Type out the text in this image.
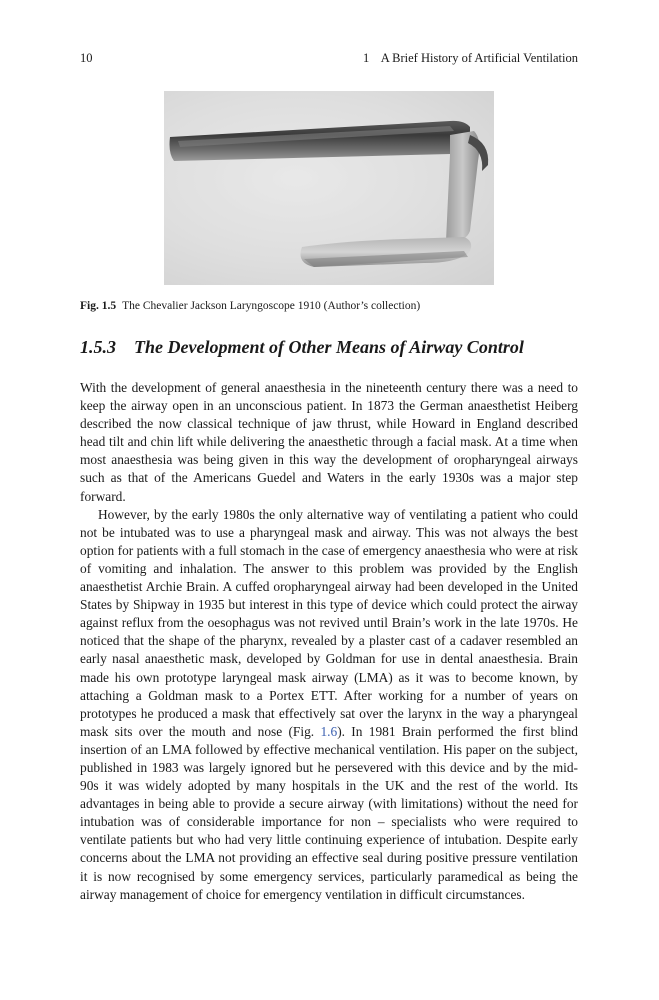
10	1 A Brief History of Artificial Ventilation
Fig. 1.5 The Chevalier Jackson Laryngoscope 1910 (Author’s collection)
1.5.3 The Development of Other Means of Airway Control

With the development of general anaesthesia in the nineteenth century there was a need to keep the airway open in an unconscious patient. In 1873 the German anaesthetist Heiberg described the now classical technique of jaw thrust, while Howard in England described head tilt and chin lift while delivering the anaesthetic through a facial mask. At a time when most anaesthesia was being given in this way the development of oropharyngeal airways such as that of the Americans Guedel and Waters in the early 1930s was a major step forward.

However, by the early 1980s the only alternative way of ventilating a patient who could not be intubated was to use a pharyngeal mask and airway. This was not always the best option for patients with a full stomach in the case of emergency anaesthesia who were at risk of vomiting and inhalation. The answer to this problem was provided by the English anaesthetist Archie Brain. A cuffed oropharyngeal airway had been developed in the United States by Shipway in 1935 but interest in this type of device which could protect the airway against reflux from the oesophagus was not revived until Brain’s work in the late 1970s. He noticed that the shape of the pharynx, revealed by a plaster cast of a cadaver resembled an early nasal anaesthetic mask, developed by Goldman for use in dental anaesthesia. Brain made his own prototype laryngeal mask airway (LMA) as it was to become known, by attaching a Goldman mask to a Portex ETT. After working for a number of years on prototypes he produced a mask that effectively sat over the larynx in the way a pharyngeal mask sits over the mouth and nose (Fig. 1.6). In 1981 Brain performed the first blind insertion of an LMA followed by effective mechanical ventilation. His paper on the subject, published in 1983 was largely ignored but he persevered with this device and by the mid- 90s it was widely adopted by many hospitals in the UK and the rest of the world. Its advantages in being able to provide a secure airway (with limitations) without the need for intubation was of considerable importance for non – specialists who were required to ventilate patients but who had very little continuing experience of intubation. Despite early concerns about the LMA not providing an effective seal during positive pressure ventilation it is now recognised by some emergency services, particularly paramedical as being the airway management of choice for emergency ventilation in difficult circumstances.
